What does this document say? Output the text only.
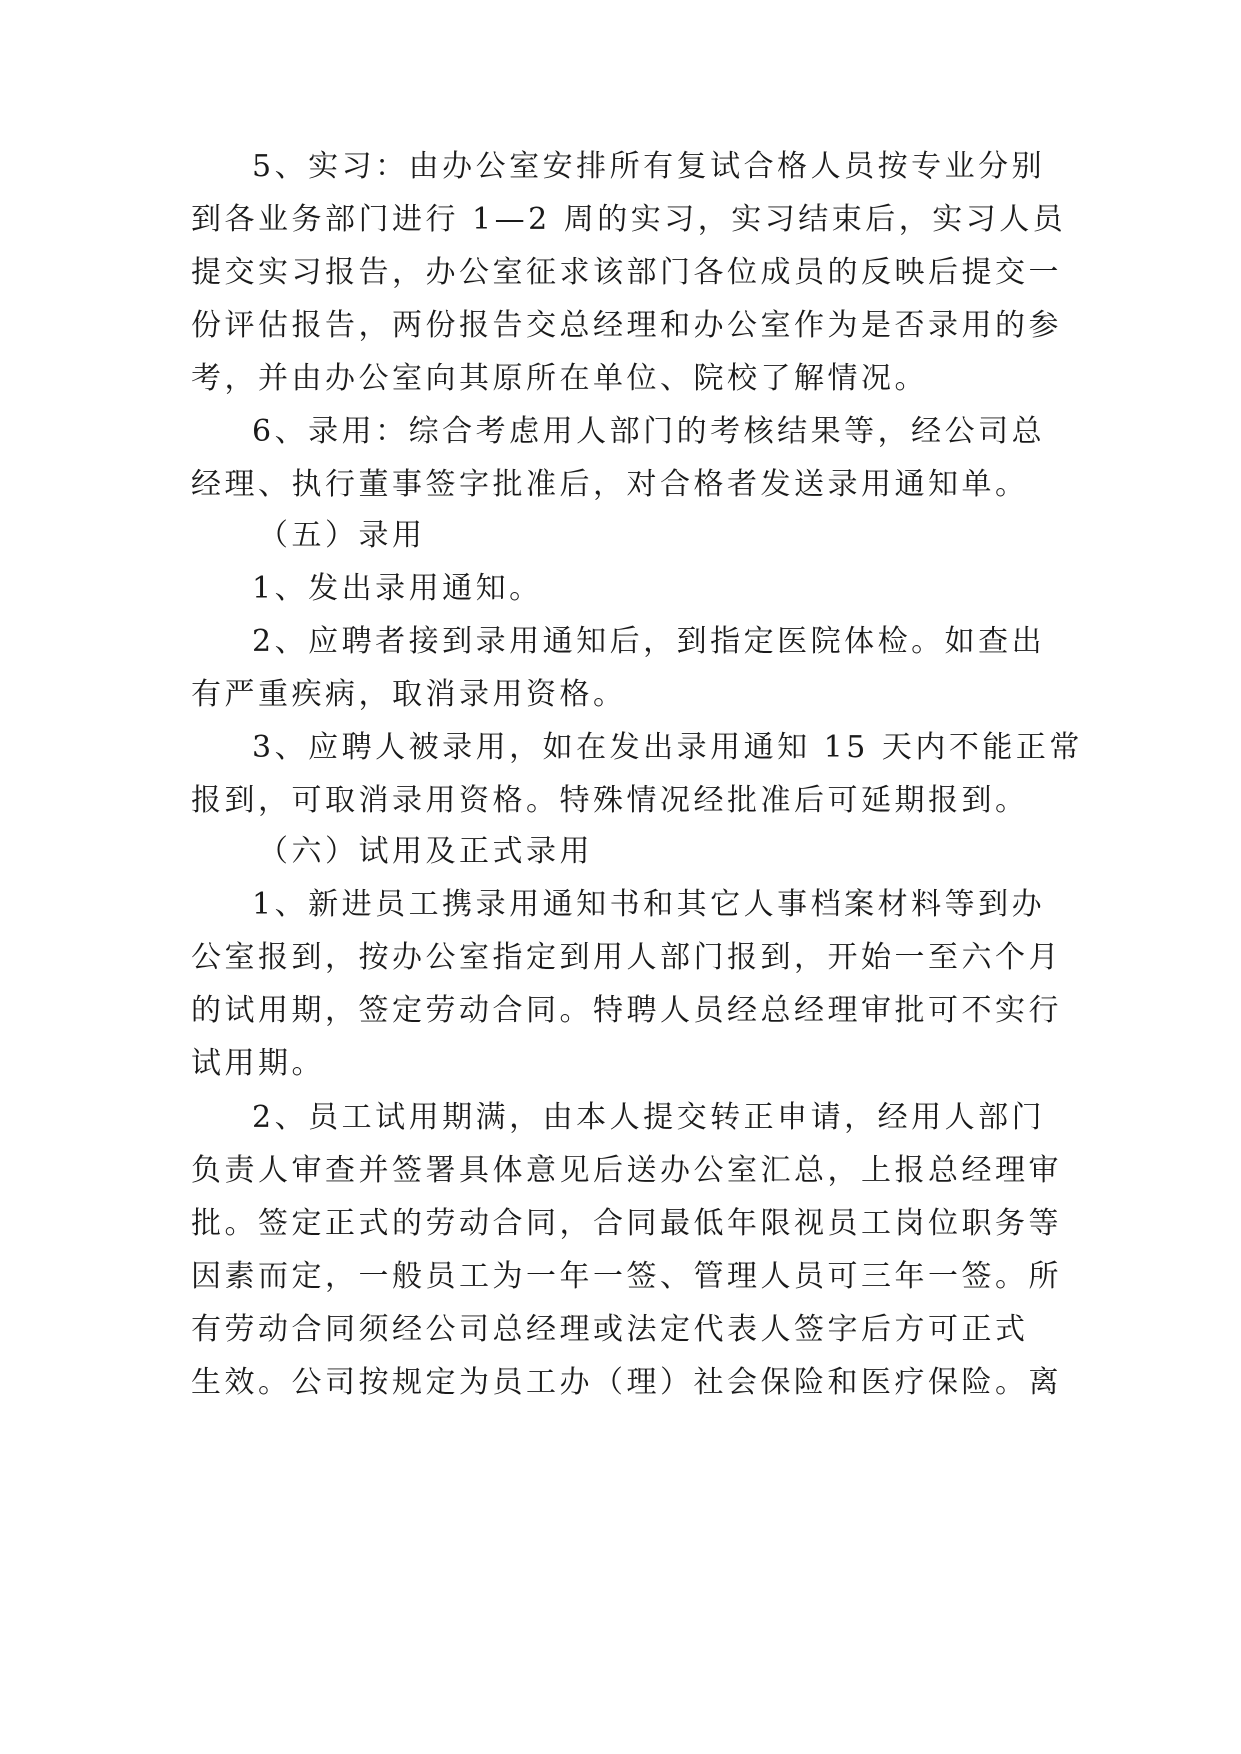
5、实习：由办公室安排所有复试合格人员按专业分别
到各业务部门进行 1—2 周的实习，实习结束后，实习人员
提交实习报告，办公室征求该部门各位成员的反映后提交一
份评估报告，两份报告交总经理和办公室作为是否录用的参
考，并由办公室向其原所在单位、院校了解情况。
6、录用：综合考虑用人部门的考核结果等，经公司总
经理、执行董事签字批准后，对合格者发送录用通知单。
（五）录用
1、发出录用通知。
2、应聘者接到录用通知后，到指定医院体检。如查出
有严重疾病，取消录用资格。
3、应聘人被录用，如在发出录用通知 15 天内不能正常
报到，可取消录用资格。特殊情况经批准后可延期报到。
（六）试用及正式录用
1、新进员工携录用通知书和其它人事档案材料等到办
公室报到，按办公室指定到用人部门报到，开始一至六个月
的试用期，签定劳动合同。特聘人员经总经理审批可不实行
试用期。
2、员工试用期满，由本人提交转正申请，经用人部门
负责人审查并签署具体意见后送办公室汇总，上报总经理审
批。签定正式的劳动合同，合同最低年限视员工岗位职务等
因素而定，一般员工为一年一签、管理人员可三年一签。所
有劳动合同须经公司总经理或法定代表人签字后方可正式
生效。公司按规定为员工办（理）社会保险和医疗保险。离
